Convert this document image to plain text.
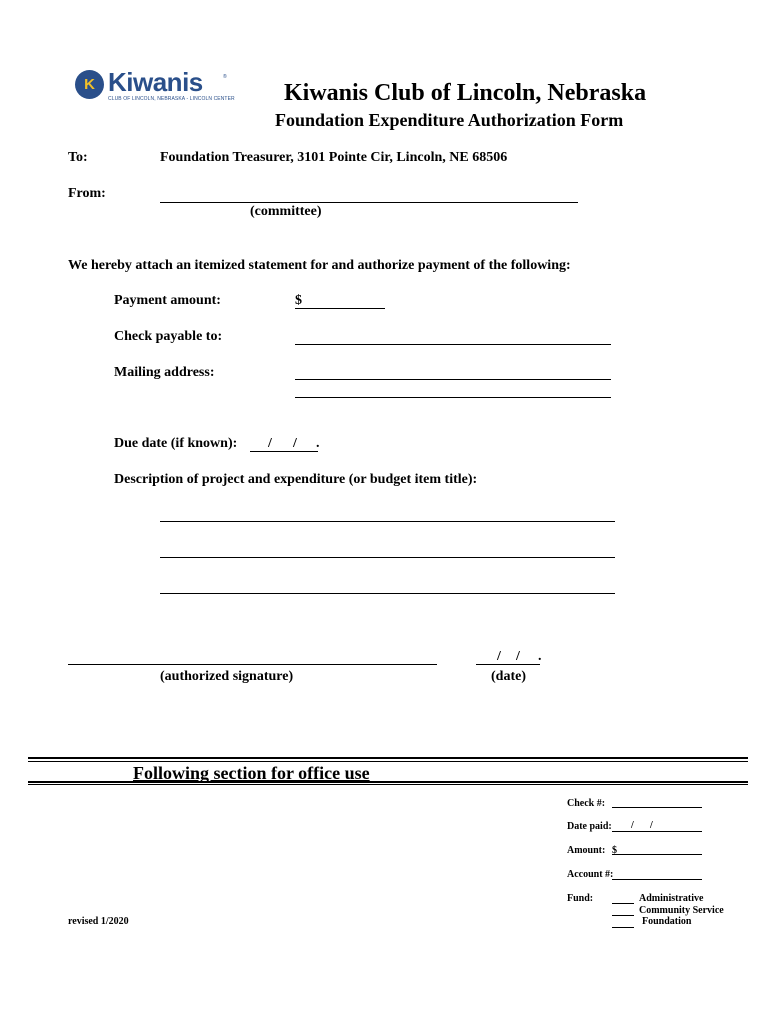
K Kiwanis	®
CLUB OF LINCOLN, NEBRASKA - LINCOLN CENTER Kiwanis Club of Lincoln, Nebraska
Foundation Expenditure Authorization Form
To:	Foundation Treasurer, 3101 Pointe Cir, Lincoln, NE 68506
From:
(committee)
We hereby attach an itemized statement for and authorize payment of the following:
Payment amount:	$
Check payable to:
Mailing address:
Due date (if known): / / .
Description of project and expenditure (or budget item title):
(authorized signature)
/ / .
(date)
Following section for office use
Check #:
Date paid: / /
Amount: $
Account #:
Fund:	Administrative
Community Service
Foundation
revised 1/2020
